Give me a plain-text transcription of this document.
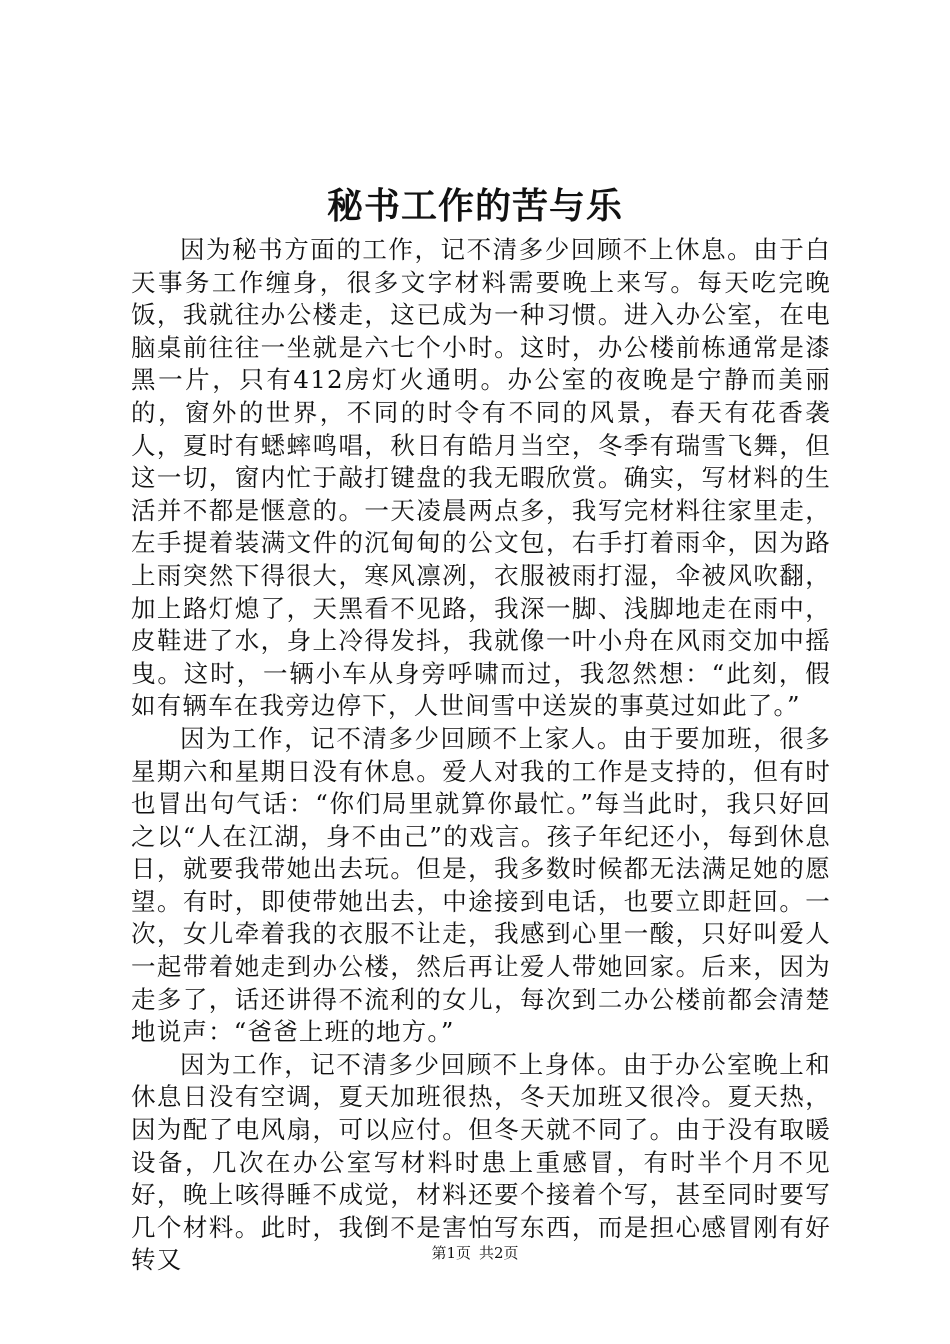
秘书工作的苦与乐

因为秘书方面的工作，记不清多少回顾不上休息。由于白天事务工作缠身，很多文字材料需要晚上来写。每天吃完晚饭，我就往办公楼走，这已成为一种习惯。进入办公室，在电脑桌前往往一坐就是六七个小时。这时，办公楼前栋通常是漆黑一片，只有412房灯火通明。办公室的夜晚是宁静而美丽的，窗外的世界，不同的时令有不同的风景，春天有花香袭人，夏时有蟋蟀鸣唱，秋日有皓月当空，冬季有瑞雪飞舞，但这一切，窗内忙于敲打键盘的我无暇欣赏。确实，写材料的生活并不都是惬意的。一天凌晨两点多，我写完材料往家里走，左手提着装满文件的沉甸甸的公文包，右手打着雨伞，因为路上雨突然下得很大，寒风凛冽，衣服被雨打湿，伞被风吹翻，加上路灯熄了，天黑看不见路，我深一脚、浅脚地走在雨中，皮鞋进了水，身上冷得发抖，我就像一叶小舟在风雨交加中摇曳。这时，一辆小车从身旁呼啸而过，我忽然想：“此刻，假如有辆车在我旁边停下，人世间雪中送炭的事莫过如此了。”

因为工作，记不清多少回顾不上家人。由于要加班，很多星期六和星期日没有休息。爱人对我的工作是支持的，但有时也冒出句气话：“你们局里就算你最忙。”每当此时，我只好回之以“人在江湖，身不由己”的戏言。孩子年纪还小，每到休息日，就要我带她出去玩。但是，我多数时候都无法满足她的愿望。有时，即使带她出去，中途接到电话，也要立即赶回。一次，女儿牵着我的衣服不让走，我感到心里一酸，只好叫爱人一起带着她走到办公楼，然后再让爱人带她回家。后来，因为走多了，话还讲得不流利的女儿，每次到二办公楼前都会清楚地说声：“爸爸上班的地方。”

因为工作，记不清多少回顾不上身体。由于办公室晚上和休息日没有空调，夏天加班很热，冬天加班又很冷。夏天热，因为配了电风扇，可以应付。但冬天就不同了。由于没有取暖设备，几次在办公室写材料时患上重感冒，有时半个月不见好，晚上咳得睡不成觉，材料还要个接着个写，甚至同时要写几个材料。此时，我倒不是害怕写东西，而是担心感冒刚有好转又	第1页 共2页
